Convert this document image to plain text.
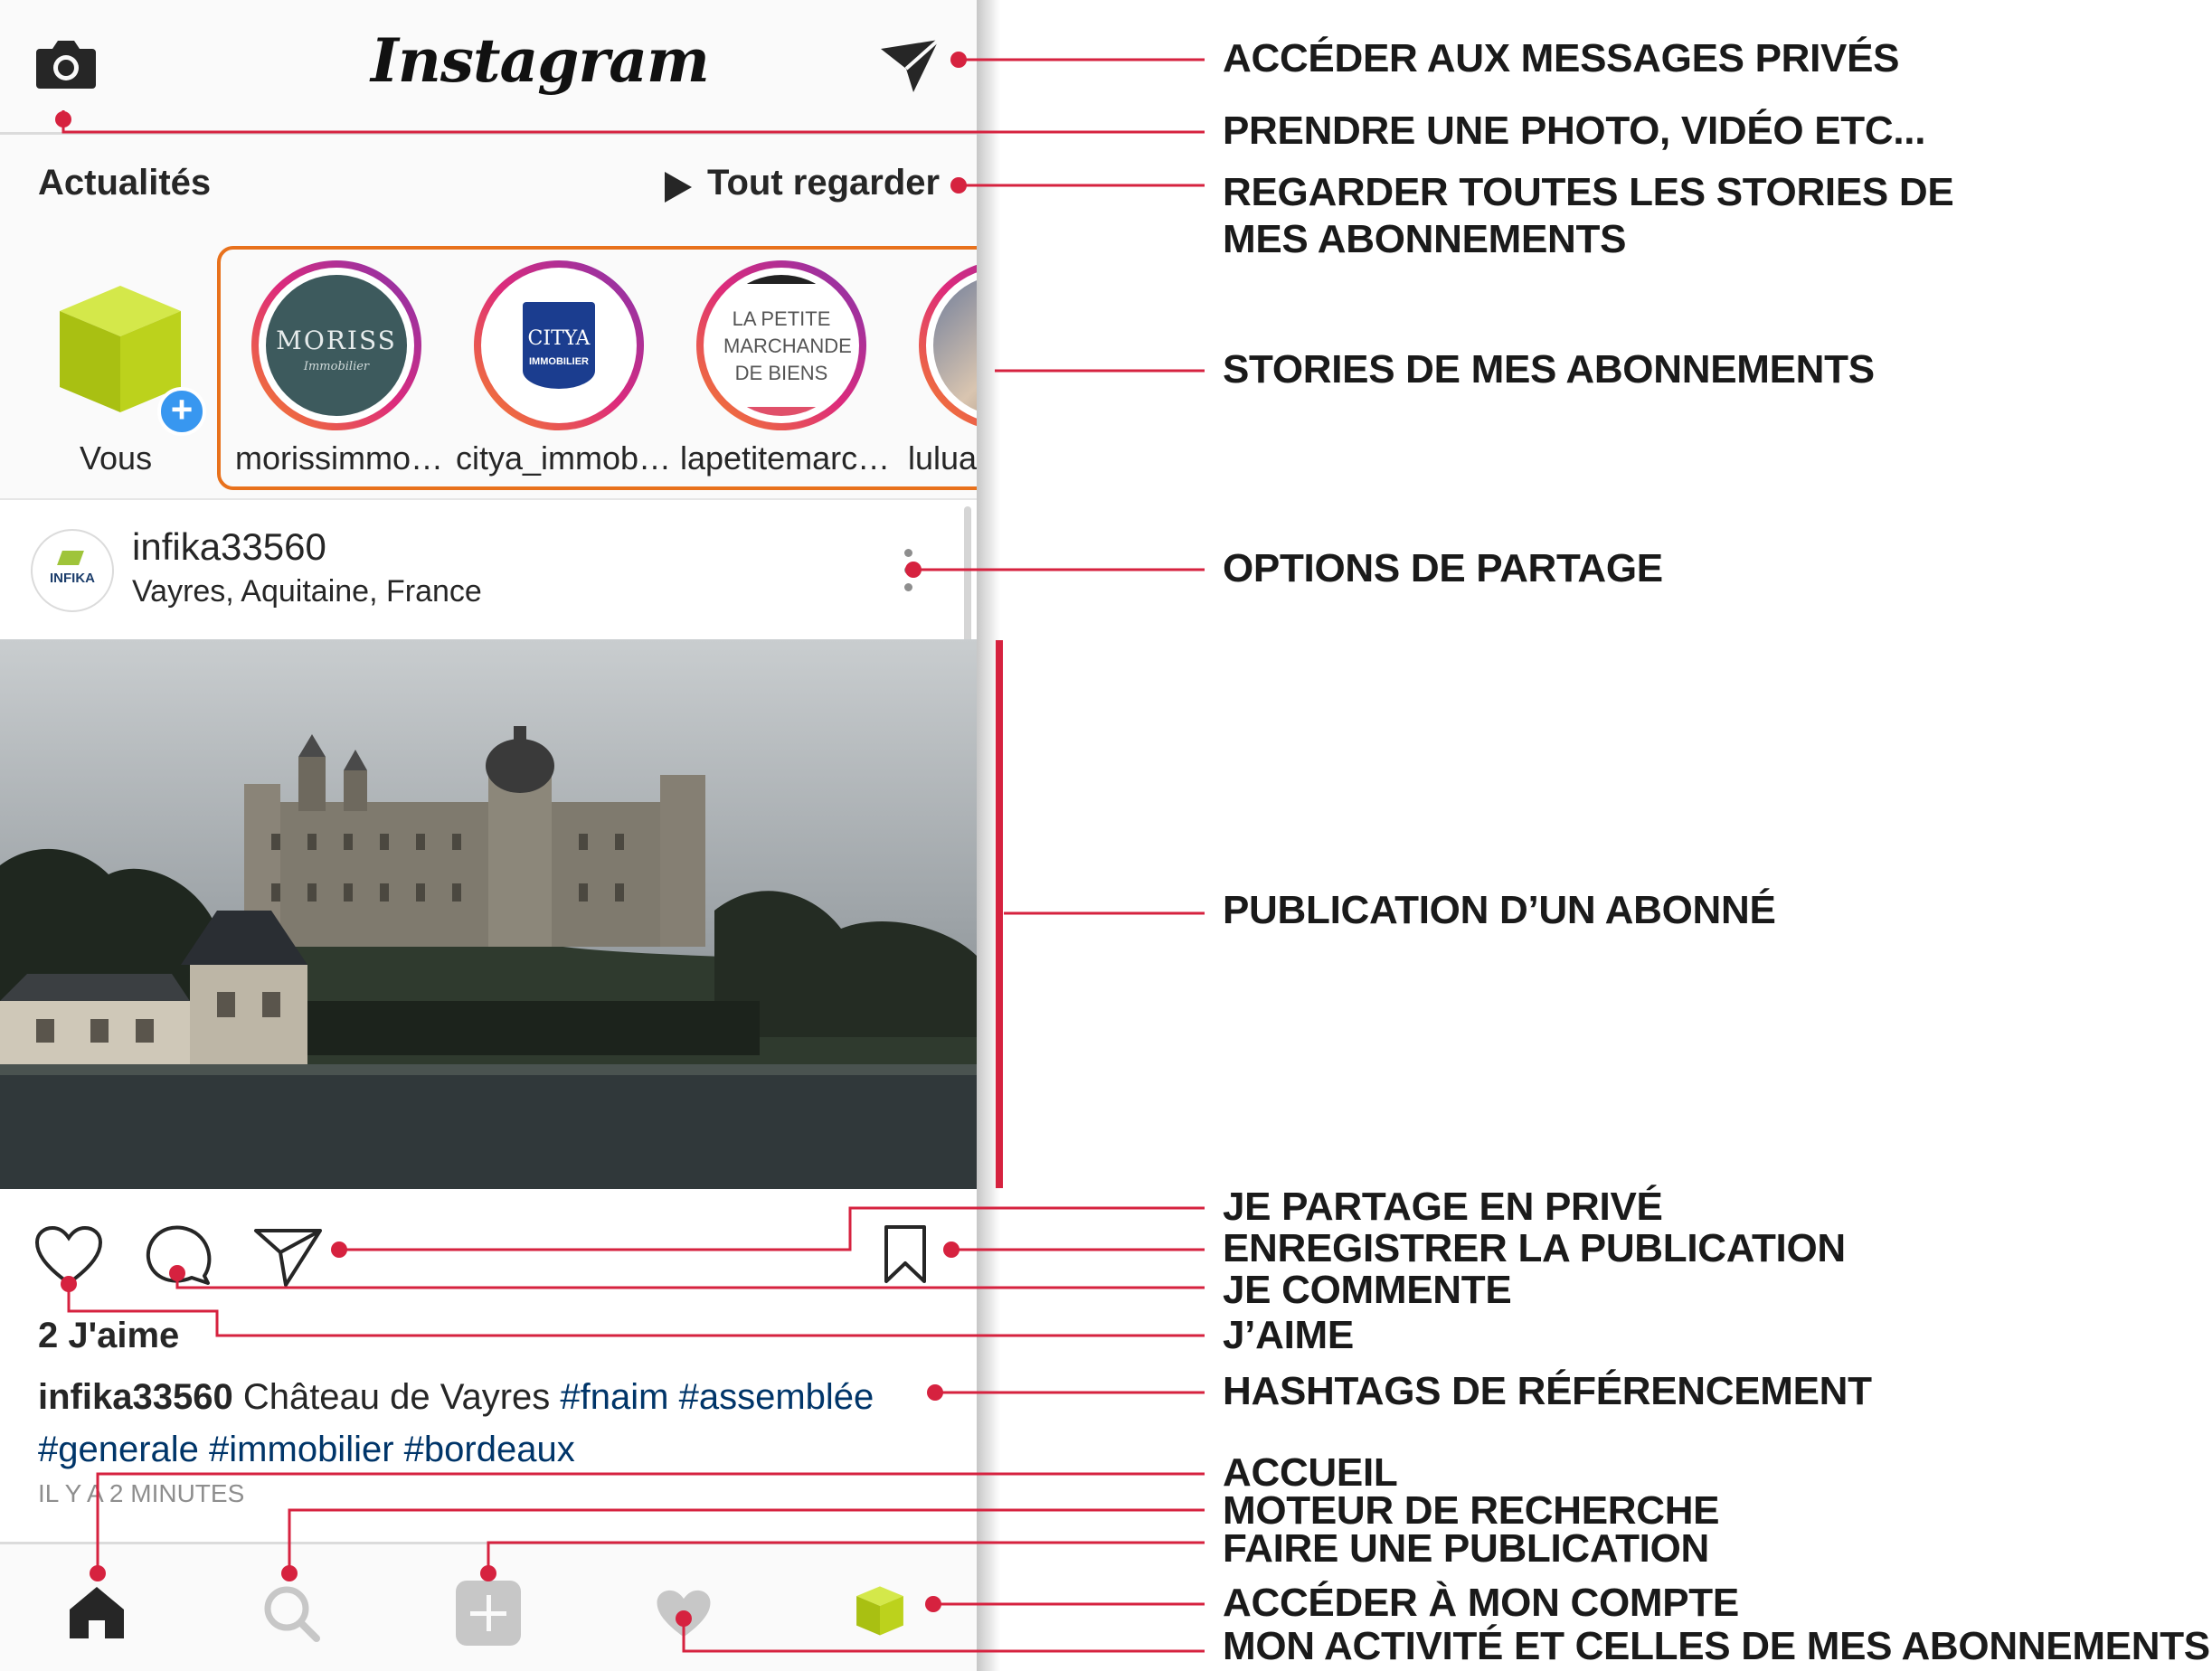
Instagram
Actualités	Tout regarder
+
Vous
MORISS
Immobilier
morissimmo…
CITYA
IMMOBILIER
citya_immob…
LA PETITE MARCHANDE DE BIENS
lapetitemarc… lulua
INFIKA
infika33560
Vayres, Aquitaine, France
2 J'aime
infika33560 Château de Vayres #fnaim #assemblée
#generale #immobilier #bordeaux
IL Y A 2 MINUTES
ACCÉDER AUX MESSAGES PRIVÉS
PRENDRE UNE PHOTO, VIDÉO ETC...
REGARDER TOUTES LES STORIES DE
MES ABONNEMENTS
STORIES DE MES ABONNEMENTS
OPTIONS DE PARTAGE
PUBLICATION D’UN ABONNÉ
JE PARTAGE EN PRIVÉ
ENREGISTRER LA PUBLICATION
JE COMMENTE
J’AIME
HASHTAGS DE RÉFÉRENCEMENT
ACCUEIL
MOTEUR DE RECHERCHE
FAIRE UNE PUBLICATION
ACCÉDER À MON COMPTE
MON ACTIVITÉ ET CELLES DE MES ABONNEMENTS
